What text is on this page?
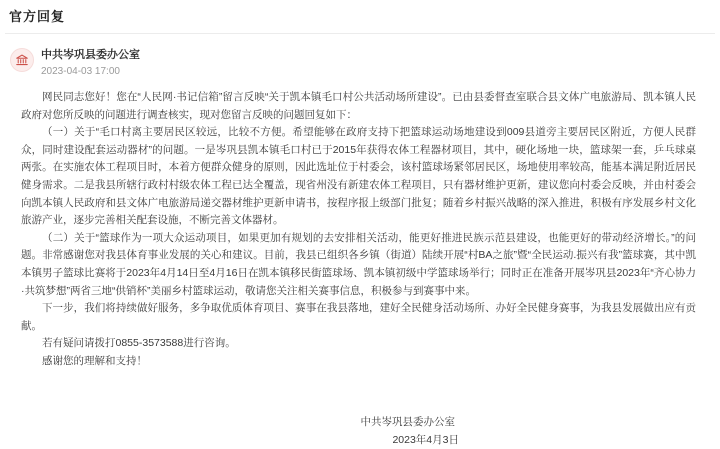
官方回复
中共岑巩县委办公室
2023-04-03 17:00

网民同志您好！您在“人民网·书记信箱”留言反映“关于凯本镇毛口村公共活动场所建设”。已由县委督查室联合县文体广电旅游局、凯本镇人民政府对您所反映的问题进行调查核实，现对您留言反映的问题回复如下：

（一）关于“毛口村离主要居民区较远，比较不方便。希望能够在政府支持下把篮球运动场地建设到009县道旁主要居民区附近，方便人民群众，同时建设配套运动器材”的问题。一是岑巩县凯本镇毛口村已于2015年获得农体工程器材项目，其中，硬化场地一块，篮球架一套，乒乓球桌两张。在实施农体工程项目时，本着方便群众健身的原则，因此选址位于村委会，该村篮球场紧邻居民区，场地使用率较高，能基本满足附近居民健身需求。二是我县所辖行政村村级农体工程已达全覆盖，现省州没有新建农体工程项目，只有器材维护更新，建议您向村委会反映，并由村委会向凯本镇人民政府和县文体广电旅游局递交器材维护更新申请书，按程序报上级部门批复；随着乡村振兴战略的深入推进，积极有序发展乡村文化旅游产业，逐步完善相关配套设施，不断完善文体器材。

（二）关于“篮球作为一项大众运动项目，如果更加有规划的去安排相关活动，能更好推进民族示范县建设，也能更好的带动经济增长。”的问题。非常感谢您对我县体育事业发展的关心和建议。目前，我县已组织各乡镇（街道）陆续开展“村BA之旅”暨“全民运动.振兴有我”篮球赛，其中凯本镇男子篮球比赛将于2023年4月14日至4月16日在凯本镇移民街篮球场、凯本镇初级中学篮球场举行；同时正在准备开展岑巩县2023年“齐心协力·共筑梦想”两省三地“供销杯”美丽乡村篮球运动，敬请您关注相关赛事信息，积极参与到赛事中来。

下一步，我们将持续做好服务，多争取优质体育项目、赛事在我县落地，建好全民健身活动场所、办好全民健身赛事，为我县发展做出应有贡献。

若有疑问请拨打0855-3573588进行咨询。

感谢您的理解和支持！

中共岑巩县委办公室
2023年4月3日
